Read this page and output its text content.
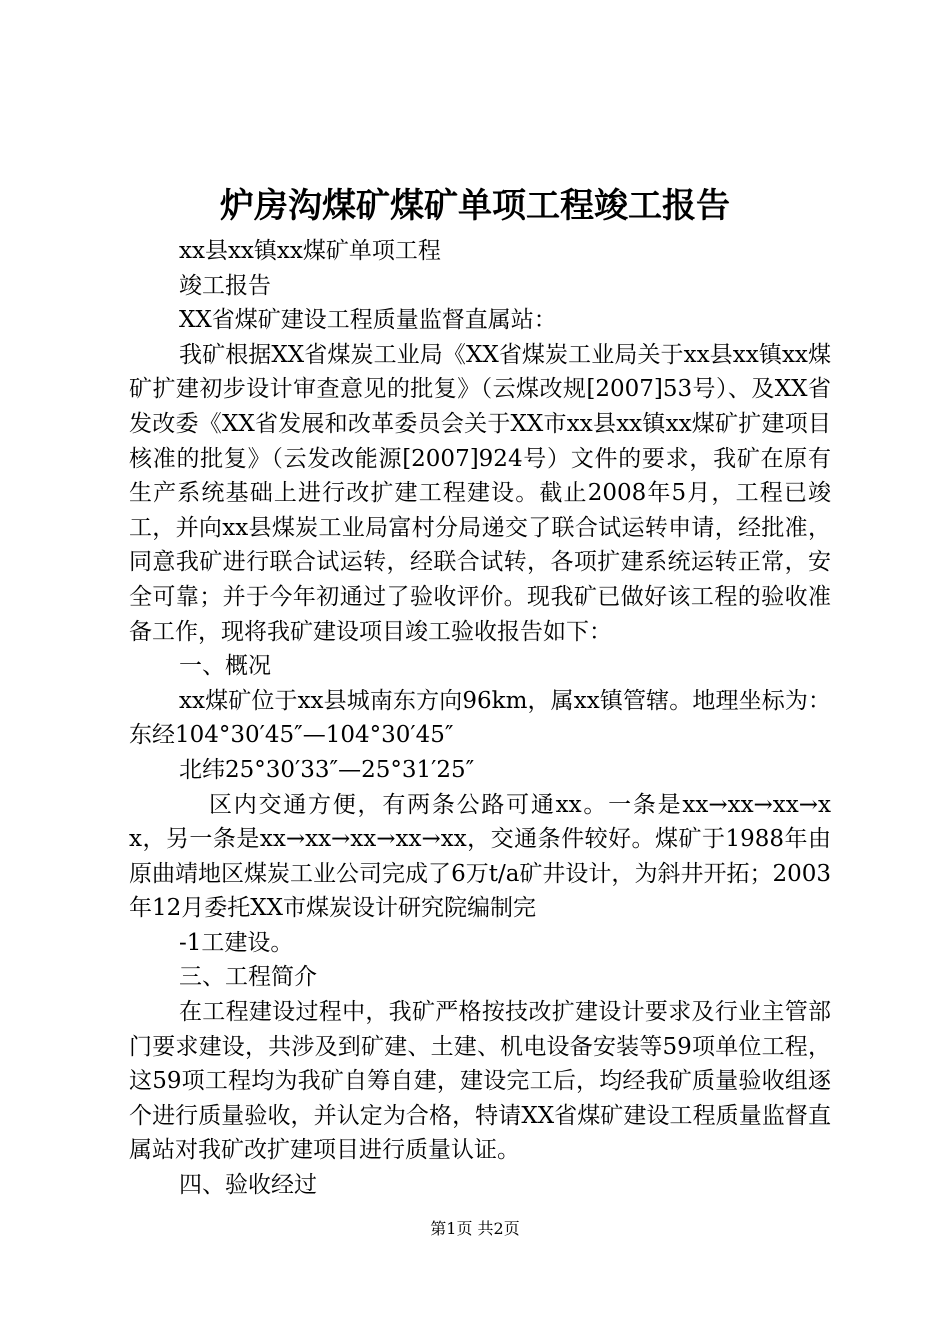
炉房沟煤矿煤矿单项工程竣工报告

xx县xx镇xx煤矿单项工程

竣工报告

XX省煤矿建设工程质量监督直属站：

我矿根据XX省煤炭工业局《XX省煤炭工业局关于xx县xx镇xx煤矿扩建初步设计审查意见的批复》（云煤改规[2007]53号）、及XX省发改委《XX省发展和改革委员会关于XX市xx县xx镇xx煤矿扩建项目核准的批复》（云发改能源[2007]924号）文件的要求，我矿在原有生产系统基础上进行改扩建工程建设。截止2008年5月，工程已竣工，并向xx县煤炭工业局富村分局递交了联合试运转申请，经批准，同意我矿进行联合试运转，经联合试转，各项扩建系统运转正常，安全可靠；并于今年初通过了验收评价。现我矿已做好该工程的验收准备工作，现将我矿建设项目竣工验收报告如下：

一、概况

xx煤矿位于xx县城南东方向96km，属xx镇管辖。地理坐标为：东经104°30′45″—104°30′45″

北纬25°30′33″—25°31′25″

区内交通方便，有两条公路可通xx。一条是xx→xx→xx→xx，另一条是xx→xx→xx→xx→xx，交通条件较好。煤矿于1988年由原曲靖地区煤炭工业公司完成了6万t/a矿井设计，为斜井开拓；2003年12月委托XX市煤炭设计研究院编制完

-1工建设。

三、工程简介

在工程建设过程中，我矿严格按技改扩建设计要求及行业主管部门要求建设，共涉及到矿建、土建、机电设备安装等59项单位工程，这59项工程均为我矿自筹自建，建设完工后，均经我矿质量验收组逐个进行质量验收，并认定为合格，特请XX省煤矿建设工程质量监督直属站对我矿改扩建项目进行质量认证。

四、验收经过

第1页 共2页
